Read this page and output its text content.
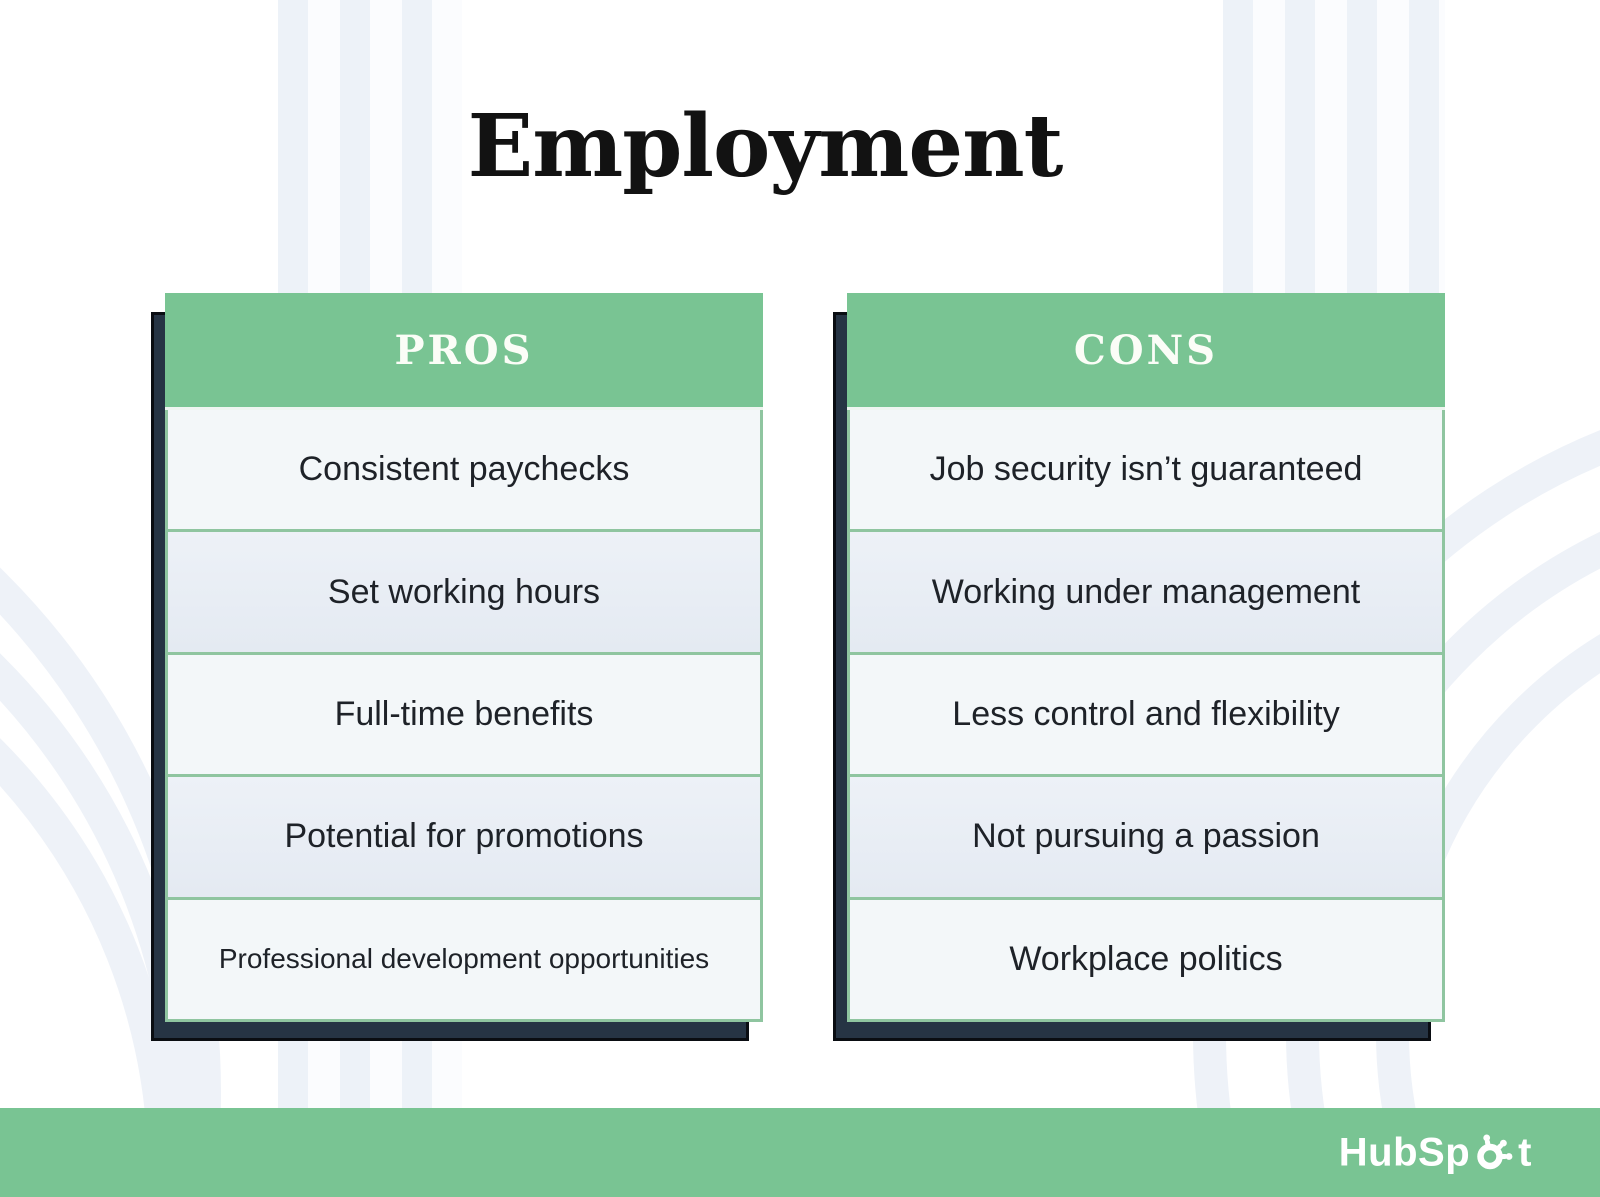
Employment
PROS
Consistent paychecks
Set working hours
Full-time benefits
Potential for promotions
Professional development opportunities
CONS
Job security isn’t guaranteed
Working under management
Less control and flexibility
Not pursuing a passion
Workplace politics
HubSp t
